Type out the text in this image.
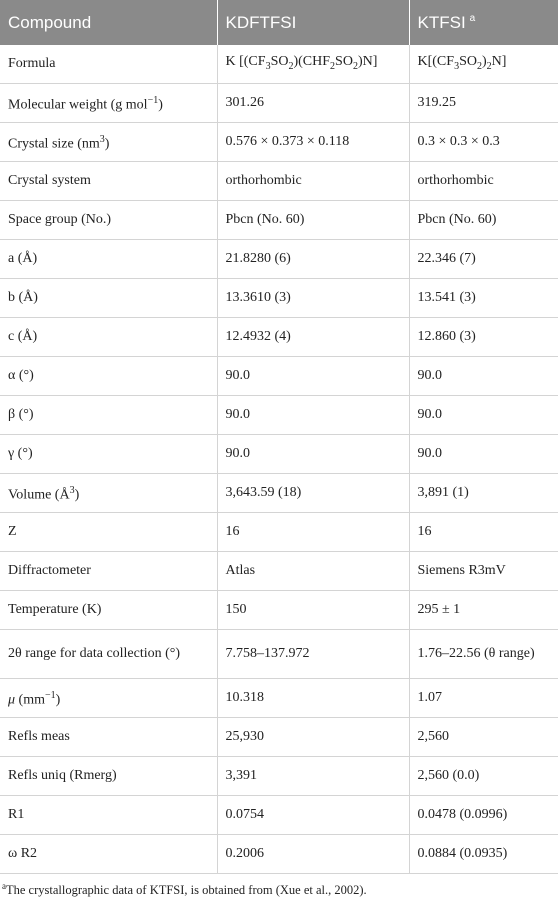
Compound	KDFTFSI	KTFSI $^a$
Formula	K $[(CF_3SO_2)(CHF_2SO_2)N]$	$K[(CF_3SO_2)_2N]$
Molecular weight (g mol$^{-1}$)	301.26	319.25
Crystal size $(nm^3)$	0.576 × 0.373 × 0.118	0.3 × 0.3 × 0.3
Crystal system	orthorhombic	orthorhombic
Space group (No.)	Pbcn (No. 60)	Pbcn (No. 60)
a (Å)	21.8280 (6)	22.346 (7)
b (Å)	13.3610 (3)	13.541 (3)
c (Å)	12.4932 (4)	12.860 (3)
α (°)	90.0	90.0
β (°)	90.0	90.0
γ (°)	90.0	90.0
Volume $(Å^3)$	3,643.59 (18)	3,891 (1)
Z	16	16
Diffractometer	Atlas	Siemens R3mV
Temperature (K)	150	295 ± 1
2θ range for data collection (°)	7.758–137.972	1.76–22.56 (θ range)
μ $(mm^{-1})$	10.318	1.07
Refls meas	25,930	2,560
Refls uniq (Rmerg)	3,391	2,560 (0.0)
R1	0.0754	0.0478 (0.0996)
ω R2	0.2006	0.0884 (0.0935)
$^a$The crystallographic data of KTFSI, is obtained from (Xue et al., 2002).
